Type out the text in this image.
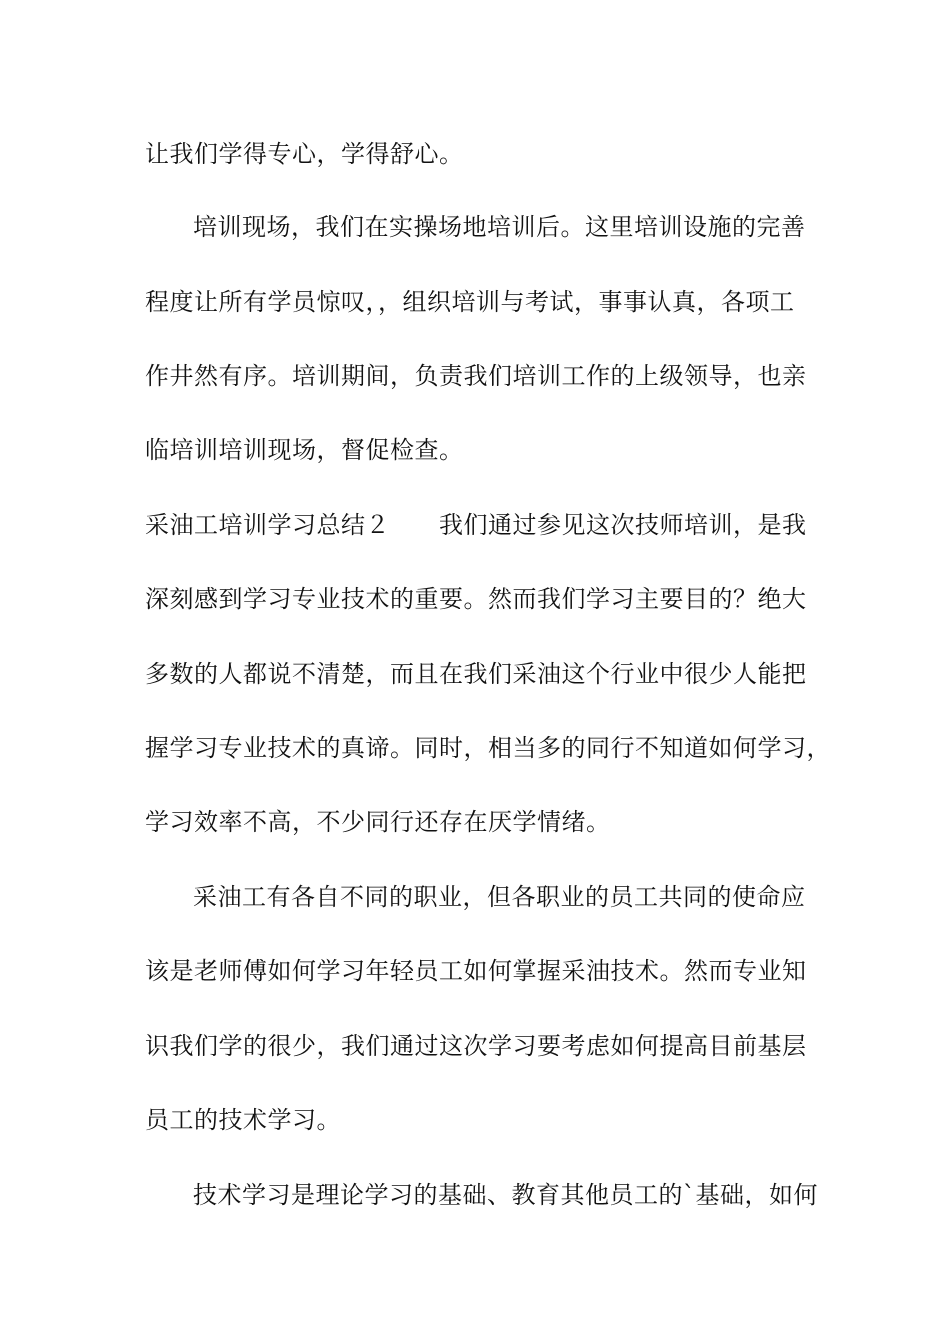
让我们学得专心，学得舒心。
培训现场，我们在实操场地培训后。这里培训设施的完善
程度让所有学员惊叹，，组织培训与考试，事事认真，各项工
作井然有序。培训期间，负责我们培训工作的上级领导，也亲
临培训培训现场，督促检查。
采油工培训学习总结２　　我们通过参见这次技师培训，是我
深刻感到学习专业技术的重要。然而我们学习主要目的？绝大
多数的人都说不清楚，而且在我们采油这个行业中很少人能把
握学习专业技术的真谛。同时，相当多的同行不知道如何学习，
学习效率不高，不少同行还存在厌学情绪。
采油工有各自不同的职业，但各职业的员工共同的使命应
该是老师傅如何学习年轻员工如何掌握采油技术。然而专业知
识我们学的很少，我们通过这次学习要考虑如何提高目前基层
员工的技术学习。
技术学习是理论学习的基础、教育其他员工的`基础，如何
